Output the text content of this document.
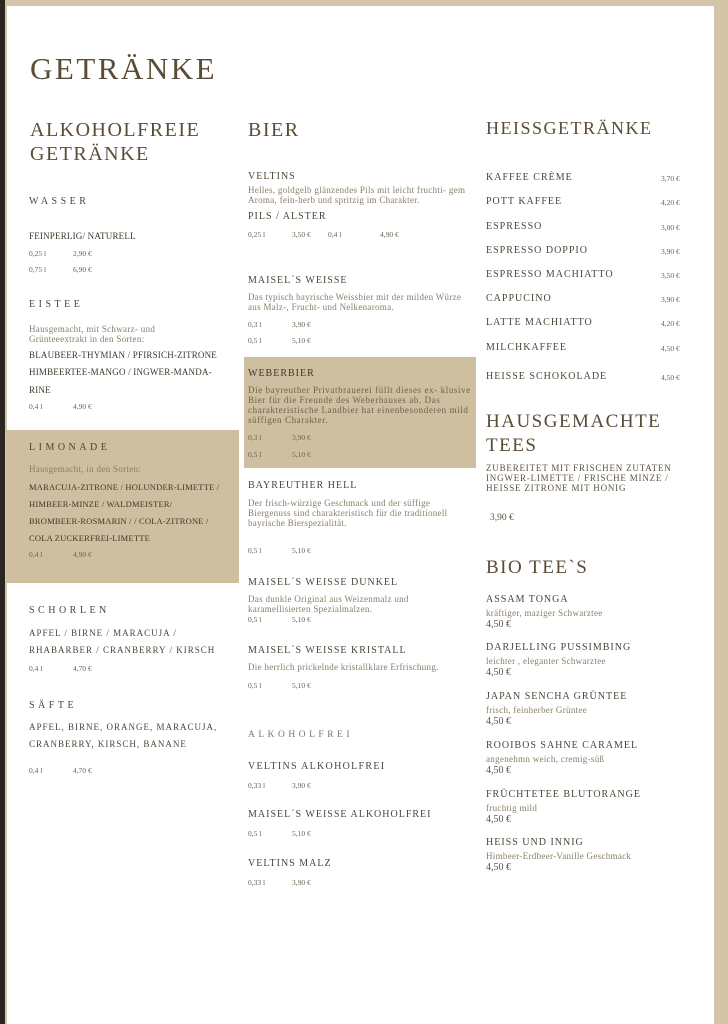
GETRÄNKE
ALKOHOLFREIE GETRÄNKE
WASSER
FEINPERLIG/ NATURELL
0,25 l	2,90 €
0,75 l	6,90 €
EISTEE
Hausgemacht, mit Schwarz- und Grünteeextrakt in den Sorten:
BLAUBEER-THYMIAN / PFIRSICH-ZITRONE
HIMBEERTEE-MANGO / INGWER-MANDA-
RINE
0,4 l	4,90 €
LIMONADE
Hausgemacht, in den Sorten:
MARACUJA-ZITRONE / HOLUNDER-LIMETTE /
HIMBEER-MINZE / WALDMEISTER/
BROMBEER-ROSMARIN / / COLA-ZITRONE /
COLA ZUCKERFREI-LIMETTE
0,4 l	4,90 €
SCHORLEN
APFEL / BIRNE / MARACUJA /
RHABARBER / CRANBERRY / KIRSCH
0,4 l	4,70 €
SÄFTE
APFEL, BIRNE, ORANGE, MARACUJA,
CRANBERRY, KIRSCH, BANANE
0,4 l	4,70 €
BIER
VELTINS
Helles, goldgelb glänzendes Pils mit leicht fruchti- gem Aroma, fein-herb und spritzig im Charakter.
PILS / ALSTER
0,25 l	3,50 € 0,4 l	4,90 €
MAISEL´S WEISSE
Das typisch bayrische Weissbier mit der milden Würze aus Malz-, Frucht- und Nelkenaroma.
0,3 l	3,90 €
0,5 l	5,10 €
WEBERBIER
Die bayreuther Privatbrauerei füllt dieses ex- klusive Bier für die Freunde des Weberhauses ab. Das charakteristische Landbier hat einenbesonderen mild süffigen Charakter.
0,3 l	3,90 €
0,5 l	5,10 €
BAYREUTHER HELL
Der frisch-würzige Geschmack und der süffige Biergenuss sind charakteristisch für die traditionell bayrische Bierspezialität.
0,5 l	5,10 €
MAISEL´S WEISSE DUNKEL
Das dunkle Original aus Weizenmalz und karamellisierten Spezialmalzen.
0,5 l	5,10 €
MAISEL´S WEISSE KRISTALL
Die herrlich prickelnde kristallklare Erfrischung.
0,5 l	5,10 €
ALKOHOLFREI
VELTINS ALKOHOLFREI
0,33 l	3,90 €
MAISEL´S WEISSE ALKOHOLFREI
0,5 l	5,10 €
VELTINS MALZ
0,33 l	3,90 €
HEISSGETRÄNKE
KAFFEE CRÈME	3,70 €
POTT KAFFEE	4,20 €
ESPRESSO	3,00 €
ESPRESSO DOPPIO	3,90 €
ESPRESSO MACHIATTO	3,50 €
CAPPUCINO	3,90 €
LATTE MACHIATTO	4,20 €
MILCHKAFFEE	4,50 €
HEISSE SCHOKOLADE	4,50 €
HAUSGEMACHTE TEES
ZUBEREITET MIT FRISCHEN ZUTATEN
INGWER-LIMETTE / FRISCHE MINZE /
HEISSE ZITRONE MIT HONIG
3,90 €
BIO TEE`S
ASSAM TONGA
kräftiger, maziger Schwarztee
4,50 €
DARJELLING PUSSIMBING
leichter , eleganter Schwarztee
4,50 €
JAPAN SENCHA GRÜNTEE
frisch, feinherber Grüntee
4,50 €
ROOIBOS SAHNE CARAMEL
angenehmn weich, cremig-süß
4,50 €
FRÜCHTETEE BLUTORANGE
fruchtig mild
4,50 €
HEISS UND INNIG
Himbeer-Erdbeer-Vanille Geschmack
4,50 €
